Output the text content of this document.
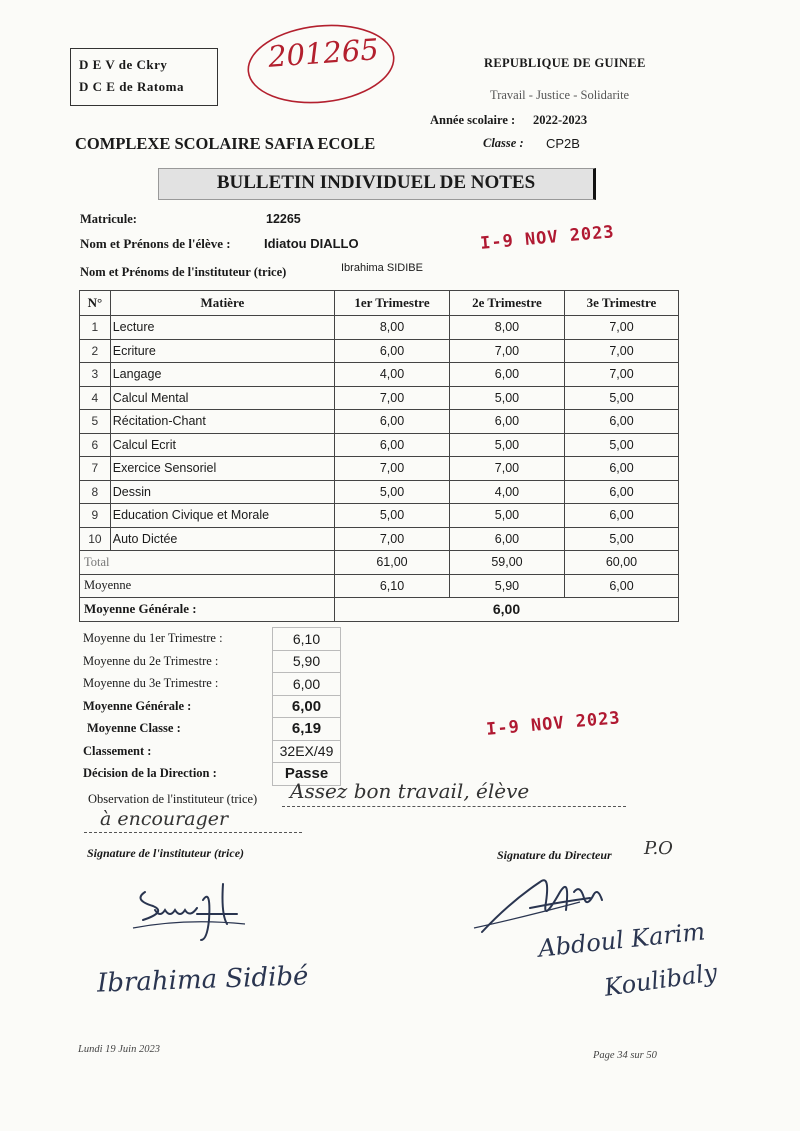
D E V de Ckry
D C E de Ratoma
201265	REPUBLIQUE DE GUINEE
Travail - Justice - Solidarite
Année scolaire : 2022-2023
Classe : CP2B
COMPLEXE SCOLAIRE SAFIA ECOLE
BULLETIN INDIVIDUEL DE NOTES
Matricule:	12265
Nom et Prénons de l'élève :	Idiatou DIALLO
Nom et Prénoms de l'instituteur (trice)	Ibrahima SIDIBE
I-9 NOV 2023
N°	Matière	1er Trimestre	2e Trimestre	3e Trimestre
1	Lecture	8,00	8,00	7,00
2	Ecriture	6,00	7,00	7,00
3	Langage	4,00	6,00	7,00
4	Calcul Mental	7,00	5,00	5,00
5	Récitation-Chant	6,00	6,00	6,00
6	Calcul Ecrit	6,00	5,00	5,00
7	Exercice Sensoriel	7,00	7,00	6,00
8	Dessin	5,00	4,00	6,00
9	Education Civique et Morale	5,00	5,00	6,00
10	Auto Dictée	7,00	6,00	5,00
Total		61,00	59,00	60,00
Moyenne		6,10	5,90	6,00
Moyenne Générale :		6,00		
Moyenne du 1er Trimestre :	6,10
Moyenne du 2e Trimestre :	5,90
Moyenne du 3e Trimestre :	6,00
Moyenne Générale :	6,00
Moyenne Classe :	6,19
Classement :	32EX/49
Décision de la Direction :	Passe
I-9 NOV 2023
Observation de l'instituteur (trice) Assez bon travail, élève
à encourager
Signature de l'instituteur (trice)	Signature du Directeur P.O
Ibrahima Sidibé
Abdoul Karim
Koulibaly
Lundi 19 Juin 2023
Page 34 sur 50
